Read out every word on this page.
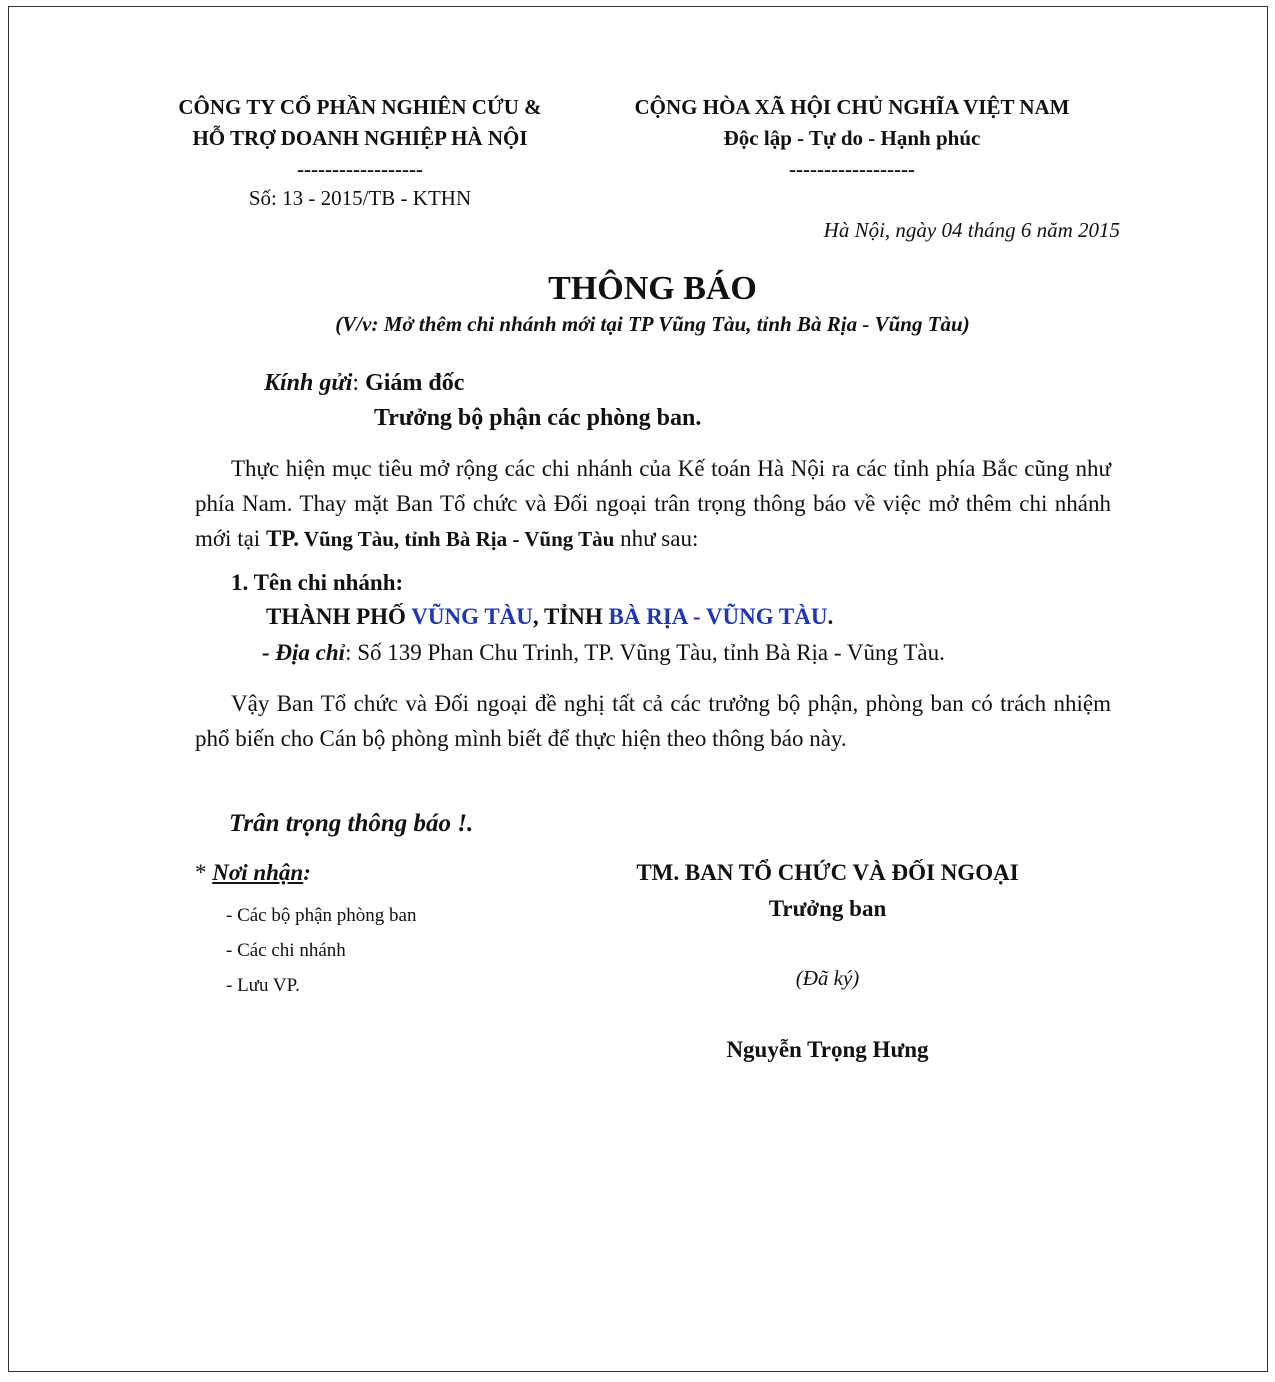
CÔNG TY CỔ PHẦN NGHIÊN CỨU &
HỖ TRỢ DOANH NGHIỆP HÀ NỘI
------------------
Số: 13 - 2015/TB - KTHN
CỘNG HÒA XÃ HỘI CHỦ NGHĨA VIỆT NAM
Độc lập - Tự do - Hạnh phúc
------------------
Hà Nội, ngày 04 tháng 6 năm 2015
THÔNG BÁO
(V/v: Mở thêm chi nhánh mới tại TP Vũng Tàu, tỉnh Bà Rịa - Vũng Tàu)
Kính gửi: Giám đốc
Trưởng bộ phận các phòng ban.
Thực hiện mục tiêu mở rộng các chi nhánh của Kế toán Hà Nội ra các tỉnh phía Bắc cũng như phía Nam. Thay mặt Ban Tổ chức và Đối ngoại trân trọng thông báo về việc mở thêm chi nhánh mới tại TP. Vũng Tàu, tỉnh Bà Rịa - Vũng Tàu như sau:
1. Tên chi nhánh:
THÀNH PHỐ VŨNG TÀU, TỈNH BÀ RỊA - VŨNG TÀU.
- Địa chỉ: Số 139 Phan Chu Trinh, TP. Vũng Tàu, tỉnh Bà Rịa - Vũng Tàu.
Vậy Ban Tổ chức và Đối ngoại đề nghị tất cả các trưởng bộ phận, phòng ban có trách nhiệm phổ biến cho Cán bộ phòng mình biết để thực hiện theo thông báo này.
Trân trọng thông báo !.
* Nơi nhận:
- Các bộ phận phòng ban
- Các chi nhánh
- Lưu VP.
TM. BAN TỔ CHỨC VÀ ĐỐI NGOẠI
Trưởng ban
(Đã ký)
Nguyễn Trọng Hưng
